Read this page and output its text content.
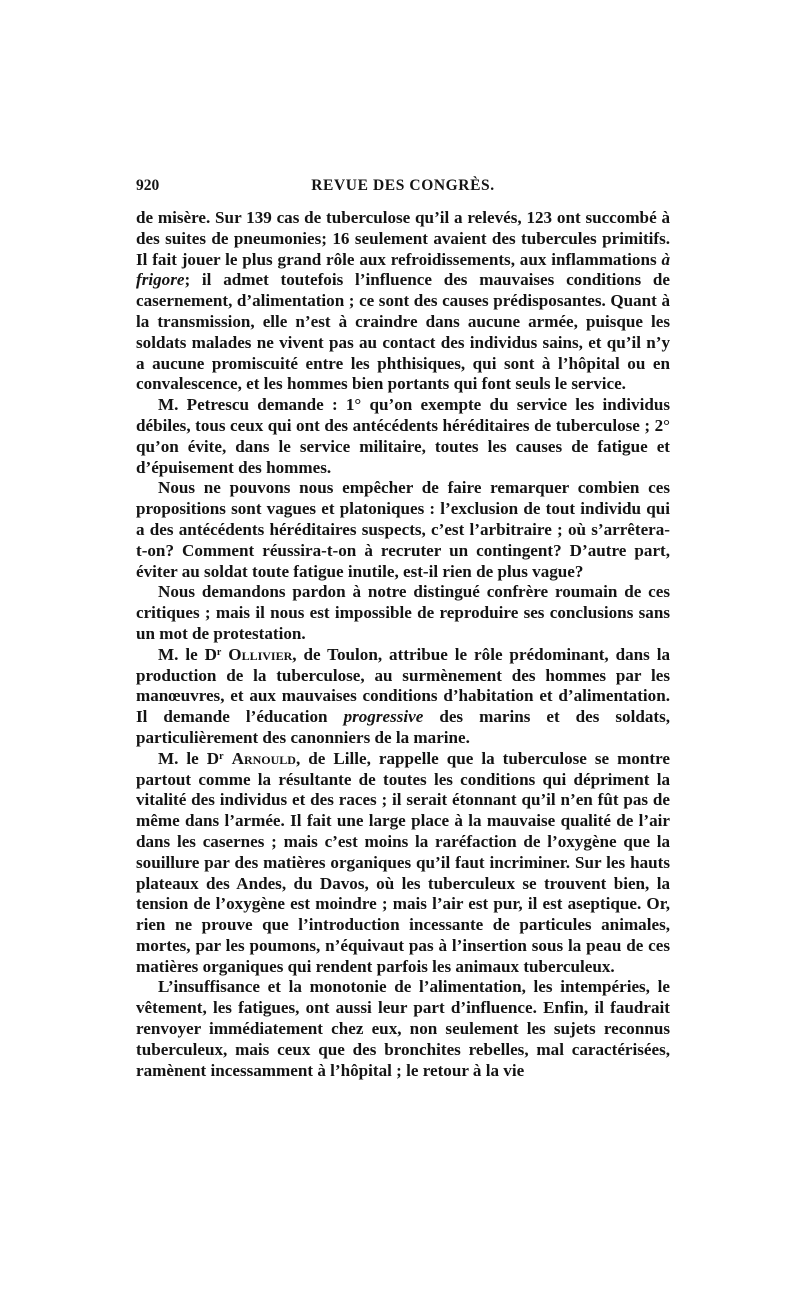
920	REVUE DES CONGRÈS.

de misère. Sur 139 cas de tuberculose qu’il a relevés, 123 ont succombé à des suites de pneumonies; 16 seulement avaient des tubercules primitifs. Il fait jouer le plus grand rôle aux refroidissements, aux inflammations à frigore; il admet toutefois l’influence des mauvaises conditions de casernement, d’alimentation ; ce sont des causes prédisposantes. Quant à la transmission, elle n’est à craindre dans aucune armée, puisque les soldats malades ne vivent pas au contact des individus sains, et qu’il n’y a aucune promiscuité entre les phthisiques, qui sont à l’hôpital ou en convalescence, et les hommes bien portants qui font seuls le service.

M. Petrescu demande : 1° qu’on exempte du service les individus débiles, tous ceux qui ont des antécédents héréditaires de tuberculose ; 2° qu’on évite, dans le service militaire, toutes les causes de fatigue et d’épuisement des hommes.

Nous ne pouvons nous empêcher de faire remarquer combien ces propositions sont vagues et platoniques : l’exclusion de tout individu qui a des antécédents héréditaires suspects, c’est l’arbitraire ; où s’arrêtera-t-on? Comment réussira-t-on à recruter un contingent? D’autre part, éviter au soldat toute fatigue inutile, est-il rien de plus vague?

Nous demandons pardon à notre distingué confrère roumain de ces critiques ; mais il nous est impossible de reproduire ses conclusions sans un mot de protestation.

M. le $D^r$ Ollivier, de Toulon, attribue le rôle prédominant, dans la production de la tuberculose, au surmènement des hommes par les manœuvres, et aux mauvaises conditions d’habitation et d’alimentation. Il demande l’éducation progressive des marins et des soldats, particulièrement des canonniers de la marine.

M. le $D^r$ Arnould, de Lille, rappelle que la tuberculose se montre partout comme la résultante de toutes les conditions qui dépriment la vitalité des individus et des races ; il serait étonnant qu’il n’en fût pas de même dans l’armée. Il fait une large place à la mauvaise qualité de l’air dans les casernes ; mais c’est moins la raréfaction de l’oxygène que la souillure par des matières organiques qu’il faut incriminer. Sur les hauts plateaux des Andes, du Davos, où les tuberculeux se trouvent bien, la tension de l’oxygène est moindre ; mais l’air est pur, il est aseptique. Or, rien ne prouve que l’introduction incessante de particules animales, mortes, par les poumons, n’équivaut pas à l’insertion sous la peau de ces matières organiques qui rendent parfois les animaux tuberculeux.

L’insuffisance et la monotonie de l’alimentation, les intempéries, le vêtement, les fatigues, ont aussi leur part d’influence. Enfin, il faudrait renvoyer immédiatement chez eux, non seulement les sujets reconnus tuberculeux, mais ceux que des bronchites rebelles, mal caractérisées, ramènent incessamment à l’hôpital ; le retour à la vie
